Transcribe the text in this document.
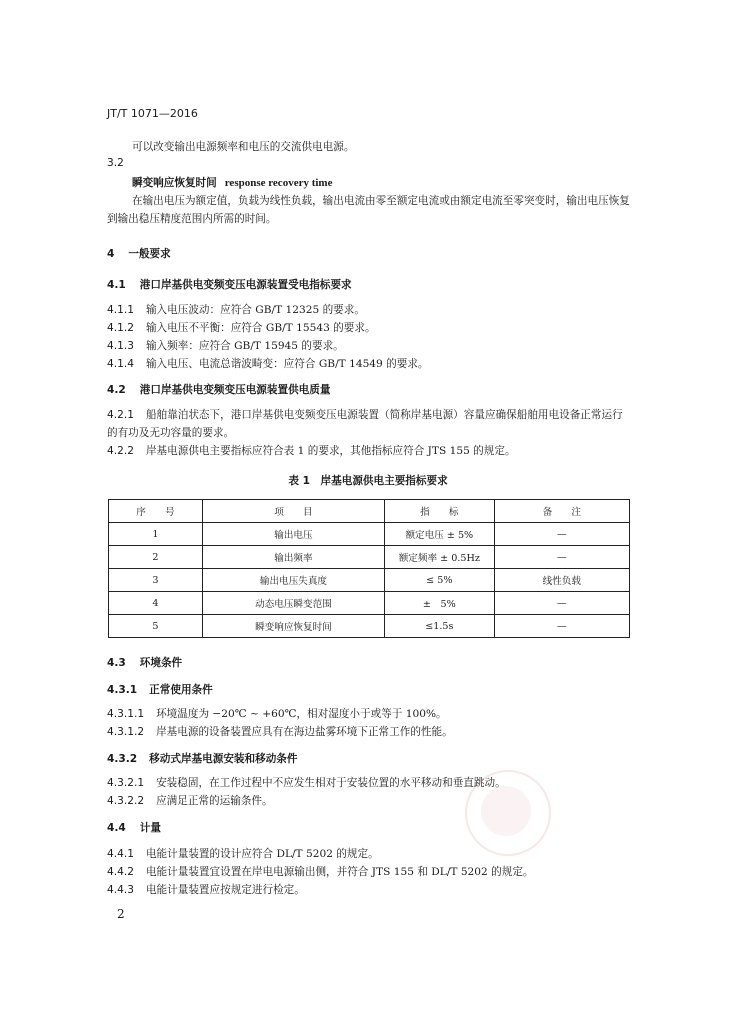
JT/T 1071—2016
可以改变输出电源频率和电压的交流供电电源。
3.2
瞬变响应恢复时间 response recovery time
在输出电压为额定值，负载为线性负载，输出电流由零至额定电流或由额定电流至零突变时，输出电压恢复到输出稳压精度范围内所需的时间。
4 一般要求
4.1 港口岸基供电变频变压电源装置受电指标要求
4.1.1 输入电压波动：应符合 GB/T 12325 的要求。
4.1.2 输入电压不平衡：应符合 GB/T 15543 的要求。
4.1.3 输入频率：应符合 GB/T 15945 的要求。
4.1.4 输入电压、电流总谐波畸变：应符合 GB/T 14549 的要求。
4.2 港口岸基供电变频变压电源装置供电质量
4.2.1 船舶靠泊状态下，港口岸基供电变频变压电源装置（简称岸基电源）容量应确保船舶用电设备正常运行的有功及无功容量的要求。
4.2.2 岸基电源供电主要指标应符合表 1 的要求，其他指标应符合 JTS 155 的规定。
表 1　岸基电源供电主要指标要求
序　　号	项　　目	指　　标	备　　注
1	输出电压	额定电压 ± 5%	—
2	输出频率	额定频率 ± 0.5Hz	—
3	输出电压失真度	≤ 5%	线性负载
4	动态电压瞬变范围	±　5%	—
5	瞬变响应恢复时间	≤1.5s	—
4.3 环境条件
4.3.1 正常使用条件
4.3.1.1 环境温度为 −20℃ ~ +60℃，相对湿度小于或等于 100%。
4.3.1.2 岸基电源的设备装置应具有在海边盐雾环境下正常工作的性能。
4.3.2 移动式岸基电源安装和移动条件
4.3.2.1 安装稳固，在工作过程中不应发生相对于安装位置的水平移动和垂直跳动。
4.3.2.2 应满足正常的运输条件。
4.4 计量
4.4.1 电能计量装置的设计应符合 DL/T 5202 的规定。
4.4.2 电能计量装置宜设置在岸电电源输出侧，并符合 JTS 155 和 DL/T 5202 的规定。
4.4.3 电能计量装置应按规定进行检定。
2
